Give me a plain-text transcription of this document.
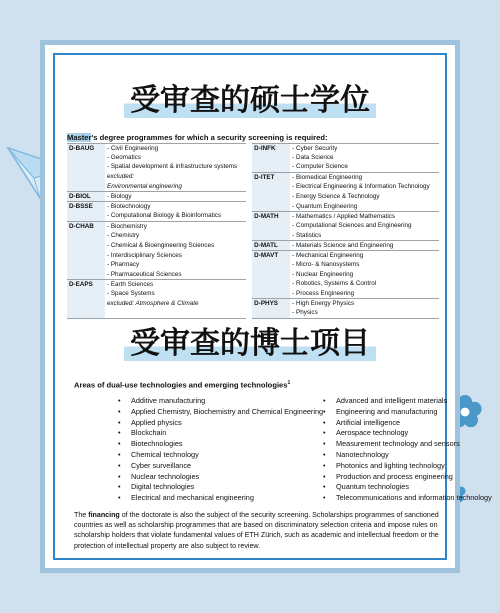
受审查的硕士学位
Master's degree programmes for which a security screening is required:
D-BAUG	- Civil Engineering		D-INFK	- Cyber Security
	- Geomatics			- Data Science
	- Spatial development & infrastructure systems			- Computer Science
	excluded:		D-ITET	- Biomedical Engineering
	Environmental engineering			- Electrical Engineering & Information Technology
D-BIOL	- Biology			- Energy Science & Technology
D-BSSE	- Biotechnology			- Quantum Engineering
	- Computational Biology & Bioinformatics		D-MATH	- Mathematics / Applied Mathematics
D-CHAB	- Biochemistry			- Computational Sciences and Engineering
	- Chemistry			- Statistics
	- Chemical & Bioengineering Sciences		D-MATL	- Materials Science and Engineering
	- Interdisciplinary Sciences		D-MAVT	- Mechanical Engineering
	- Pharmacy			- Micro- & Nanosystems
	- Pharmaceutical Sciences			- Nuclear Engineering
D-EAPS	- Earth Sciences			- Robotics, Systems & Control
	- Space Systems			- Process Engineering
	excluded: Atmosphere & Climate		D-PHYS	- High Energy Physics
				- Physics
受审查的博士项目
Areas of dual-use technologies and emerging technologies$^1$
• Additive manufacturing
• Applied Chemistry, Biochemistry and Chemical Engineering
• Applied physics
• Blockchain
• Biotechnologies
• Chemical technology
• Cyber surveillance
• Nuclear technologies
• Digital technologies
• Electrical and mechanical engineering
• Advanced and intelligent materials
• Engineering and manufacturing
• Artificial intelligence
• Aerospace technology
• Measurement technology and sensors
• Nanotechnology
• Photonics and lighting technology
• Production and process engineering
• Quantum technologies
• Telecommunications and information technology
The financing of the doctorate is also the subject of the security screening. Scholarships programmes of sanctioned countries as well as scholarship programmes that are based on discriminatory selection criteria and impose rules on scholarship holders that violate fundamental values of ETH Zürich, such as academic and intellectual freedom or the protection of intellectual property are also subject to review.
